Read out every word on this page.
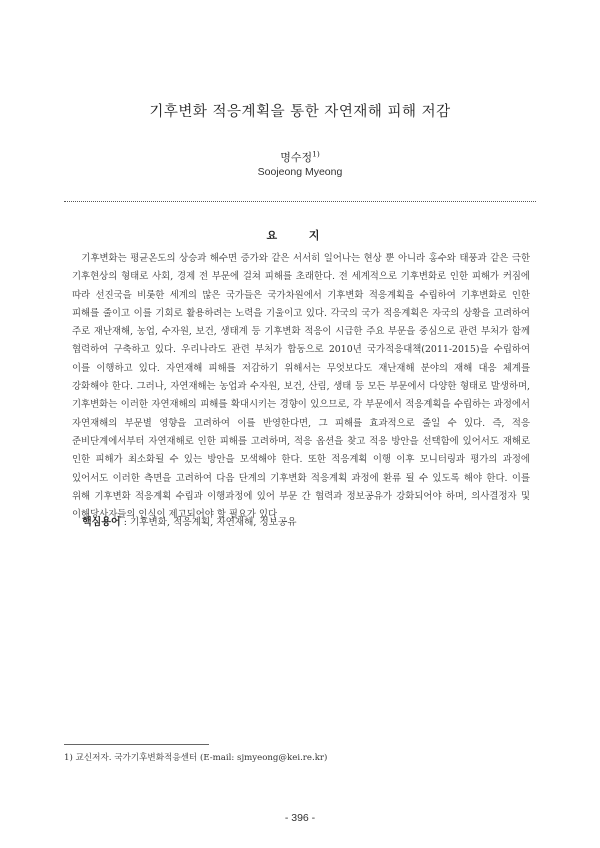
기후변화 적응계획을 통한 자연재해 피해 저감
명수정$^{1)}$
Soojeong Myeong
요 지

기후변화는 평균온도의 상승과 해수면 증가와 같은 서서히 일어나는 현상 뿐 아니라 홍수와 태풍과 같은 극한 기후현상의 형태로 사회, 경제 전 부문에 걸쳐 피해를 초래한다. 전 세계적으로 기후변화로 인한 피해가 커짐에 따라 선진국을 비롯한 세계의 많은 국가들은 국가차원에서 기후변화 적응계획을 수립하여 기후변화로 인한 피해를 줄이고 이를 기회로 활용하려는 노력을 기울이고 있다. 각국의 국가 적응계획은 자국의 상황을 고려하여 주로 재난재해, 농업, 수자원, 보건, 생태계 등 기후변화 적응이 시급한 주요 부문을 중심으로 관련 부처가 함께 협력하여 구축하고 있다. 우리나라도 관련 부처가 합동으로 2010년 국가적응대책(2011-2015)을 수립하여 이를 이행하고 있다. 자연재해 피해를 저감하기 위해서는 무엇보다도 재난재해 분야의 재해 대응 체계를 강화해야 한다. 그러나, 자연재해는 농업과 수자원, 보건, 산림, 생태 등 모든 부문에서 다양한 형태로 발생하며, 기후변화는 이러한 자연재해의 피해를 확대시키는 경향이 있으므로, 각 부문에서 적응계획을 수립하는 과정에서 자연재해의 부문별 영향을 고려하여 이를 반영한다면, 그 피해를 효과적으로 줄일 수 있다. 즉, 적응 준비단계에서부터 자연재해로 인한 피해를 고려하며, 적응 옵션을 찾고 적응 방안을 선택함에 있어서도 재해로 인한 피해가 최소화될 수 있는 방안을 모색해야 한다. 또한 적응계획 이행 이후 모니터링과 평가의 과정에 있어서도 이러한 측면을 고려하여 다음 단계의 기후변화 적응계획 과정에 환류 될 수 있도록 해야 한다. 이를 위해 기후변화 적응계획 수립과 이행과정에 있어 부문 간 협력과 정보공유가 강화되어야 하며, 의사결정자 및 이해당사자들의 인식이 제고되어야 할 필요가 있다

핵심용어 : 기후변화, 적응계획, 자연재해, 정보공유
1) 교신저자. 국가기후변화적응센터 (E-mail: sjmyeong@kei.re.kr)
- 396 -
